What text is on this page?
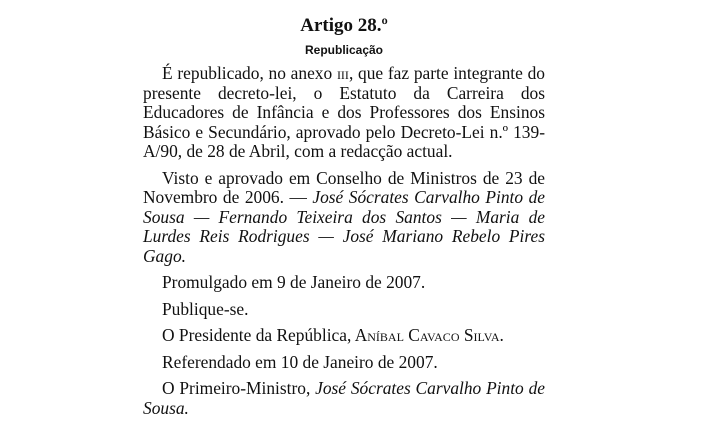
Artigo 28.º
Republicação

É republicado, no anexo iii, que faz parte integrante do presente decreto-lei, o Estatuto da Carreira dos Educadores de Infância e dos Professores dos Ensinos Básico e Secundário, aprovado pelo Decreto-Lei n.º 139-A/90, de 28 de Abril, com a redacção actual.

Visto e aprovado em Conselho de Ministros de 23 de Novembro de 2006. — José Sócrates Carvalho Pinto de Sousa — Fernando Teixeira dos Santos — Maria de Lurdes Reis Rodrigues — José Mariano Rebelo Pires Gago.

Promulgado em 9 de Janeiro de 2007.

Publique-se.

O Presidente da República, Aníbal Cavaco Silva.

Referendado em 10 de Janeiro de 2007.

O Primeiro-Ministro, José Sócrates Carvalho Pinto de Sousa.
